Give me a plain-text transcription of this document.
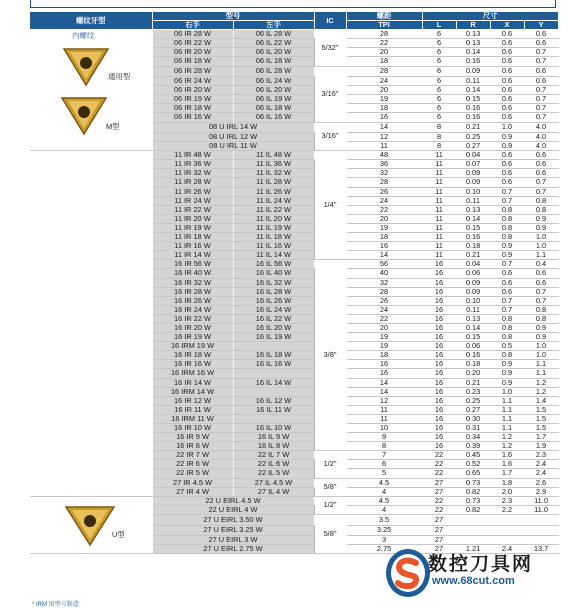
螺纹牙型	型号		IC	螺距	尺寸			
	右手	左手		TPI	L	R	X	Y

内螺纹
通用型
M型	06 IR 28 W	06 IL 28 W	5/32"	28	6	0.13	0.6	0.6
	06 IR 22 W	06 IL 22 W		22	6	0.13	0.6	0.6
	06 IR 20 W	06 IL 20 W		20	6	0.14	0.6	0.7
	06 IR 18 W	06 IL 18 W		18	6	0.16	0.6	0.7
	06 IR 28 W	06 IL 28 W	3/16"	28	6	0.09	0.6	0.6
	06 IR 24 W	06 IL 24 W		24	6	0.11	0.6	0.6
	06 IR 20 W	06 IL 20 W		20	6	0.14	0.6	0.7
	06 IR 19 W	06 IL 19 W		19	6	0.15	0.6	0.7
	06 IR 18 W	06 IL 18 W		18	6	0.16	0.6	0.7
	06 IR 16 W	06 IL 16 W		16	6	0.16	0.6	0.7
	08 U IRL 14 W		3/16"	14	8	0.21	1.0	4.0
	08 U IRL 12 W			12	8	0.25	0.9	4.0
	08 U IRL 11 W			11	8	0.27	0.9	4.0
	11 IR 48 W	11 IL 48 W	1/4"	48	11	0.04	0.6	0.6
	11 IR 36 W	11 IL 36 W		36	11	0.07	0.6	0.6
	11 IR 32 W	11 IL 32 W		32	11	0.09	0.6	0.6
	11 IR 28 W	11 IL 28 W		28	11	0.09	0.6	0.7
	11 IR 26 W	11 IL 26 W		26	11	0.10	0.7	0.7
	11 IR 24 W	11 IL 24 W		24	11	0.11	0.7	0.8
	11 IR 22 W	11 IL 22 W		22	11	0.13	0.8	0.8
	11 IR 20 W	11 IL 20 W		20	11	0.14	0.8	0.9
	11 IR 19 W	11 IL 19 W		19	11	0.15	0.8	0.9
	11 IR 18 W	11 IL 18 W		18	11	0.16	0.8	1.0
	11 IR 16 W	11 IL 16 W		16	11	0.18	0.9	1.0
	11 IR 14 W	11 IL 14 W		14	11	0.21	0.9	1.1
	16 IR 56 W	16 IL 56 W	3/8"	56	16	0.04	0.7	0.4
	16 IR 40 W	16 IL 40 W		40	16	0.06	0.6	0.6
	16 IR 32 W	16 IL 32 W		32	16	0.09	0.6	0.6
	16 IR 28 W	16 IL 28 W		28	16	0.09	0.6	0.7
	16 IR 26 W	16 IL 26 W		26	16	0.10	0.7	0.7
	16 IR 24 W	16 IL 24 W		24	16	0.11	0.7	0.8
	16 IR 22 W	16 IL 22 W		22	16	0.13	0.8	0.8
	16 IR 20 W	16 IL 20 W		20	16	0.14	0.8	0.9
	16 IR 19 W	16 IL 19 W		19	16	0.15	0.8	0.9
	16 IRM 19 W			19	16	0.06	0.5	1.0
	16 IR 18 W	16 IL 18 W		18	16	0.16	0.8	1.0
	16 IR 16 W	16 IL 16 W		16	16	0.18	0.9	1.1
	16 IRM 16 W			16	16	0.20	0.9	1.1
	16 IR 14 W	16 IL 14 W		14	16	0.21	0.9	1.2
	16 IRM 14 W			14	16	0.23	1.0	1.2
	16 IR 12 W	16 IL 12 W		12	16	0.25	1.1	1.4
	16 IR 11 W	16 IL 11 W		11	16	0.27	1.1	1.5
	16 IRM 11 W			11	16	0.30	1.1	1.5
	16 IR 10 W	16 IL 10 W		10	16	0.31	1.1	1.5
	16 IR 9 W	16 IL 9 W		9	16	0.34	1.2	1.7
	16 IR 8 W	16 IL 8 W		8	16	0.39	1.2	1.9
	22 IR 7 W	22 IL 7 W	1/2"	7	22	0.45	1.6	2.3
	22 IR 6 W	22 IL 6 W		6	22	0.52	1.6	2.4
	22 IR 5 W	22 IL 5 W		5	22	0.65	1.7	2.4
	27 IR 4.5 W	27 IL 4.5 W	5/8"	4.5	27	0.73	1.8	2.6
	27 IR 4 W	27 IL 4 W		4	27	0.82	2.0	2.9

U型	22 U EIRL 4.5 W		1/2"	4.5	22	0.73	2.3	11.0
	22 U EIRL 4 W			4	22	0.82	2.2	11.0
	27 U EIRL 3.50 W		5/8"	3.5	27			
	27 U EIRL 3.25 W			3.25	27			
	27 U EIRL 3 W			3	27			
	27 U EIRL 2.75 W			2.75	27	1.21	2.4	13.7
数控刀具网
www.68cut.com
* IRM 用型号制造
